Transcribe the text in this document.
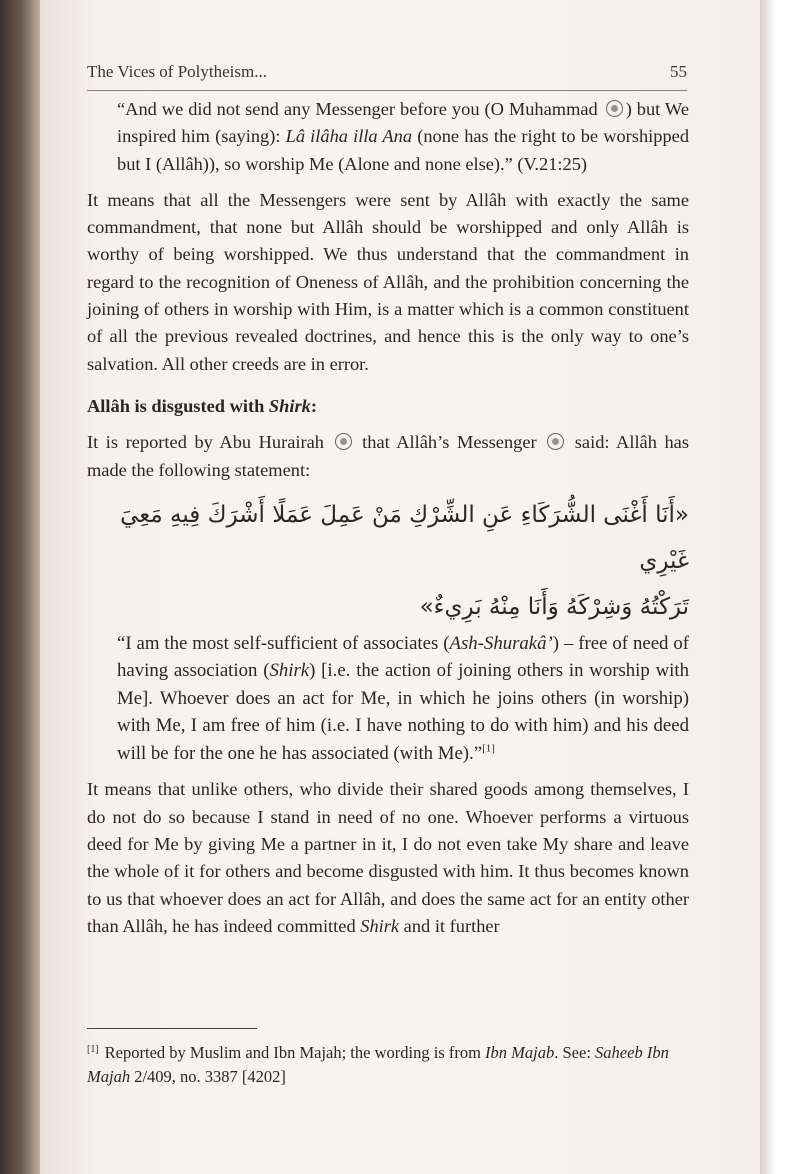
The Vices of Polytheism...	55

“And we did not send any Messenger before you (O Muhammad ) but We inspired him (saying): Lâ ilâha illa Ana (none has the right to be worshipped but I (Allâh)), so worship Me (Alone and none else).” (V.21:25)

It means that all the Messengers were sent by Allâh with exactly the same commandment, that none but Allâh should be worshipped and only Allâh is worthy of being worshipped. We thus understand that the commandment in regard to the recognition of Oneness of Allâh, and the prohibition concerning the joining of others in worship with Him, is a matter which is a common constituent of all the previous revealed doctrines, and hence this is the only way to one’s salvation. All other creeds are in error.

Allâh is disgusted with Shirk:

It is reported by Abu Hurairah  that Allâh’s Messenger  said: Allâh has made the following statement:

«أَنَا أَغْنَى الشُّرَكَاءِ عَنِ الشِّرْكِ مَنْ عَمِلَ عَمَلًا أَشْرَكَ فِيهِ مَعِيَ غَيْرِي
تَرَكْتُهُ وَشِرْكَهُ وَأَنَا مِنْهُ بَرِيءٌ»

“I am the most self-sufficient of associates (Ash-Shurakâ’) – free of need of having association (Shirk) [i.e. the action of joining others in worship with Me]. Whoever does an act for Me, in which he joins others (in worship) with Me, I am free of him (i.e. I have nothing to do with him) and his deed will be for the one he has associated (with Me).”[1]

It means that unlike others, who divide their shared goods among themselves, I do not do so because I stand in need of no one. Whoever performs a virtuous deed for Me by giving Me a partner in it, I do not even take My share and leave the whole of it for others and become disgusted with him. It thus becomes known to us that whoever does an act for Allâh, and does the same act for an entity other than Allâh, he has indeed committed Shirk and it further

[1] Reported by Muslim and Ibn Majah; the wording is from Ibn Majab. See: Saheeb Ibn Majah 2/409, no. 3387 [4202]
